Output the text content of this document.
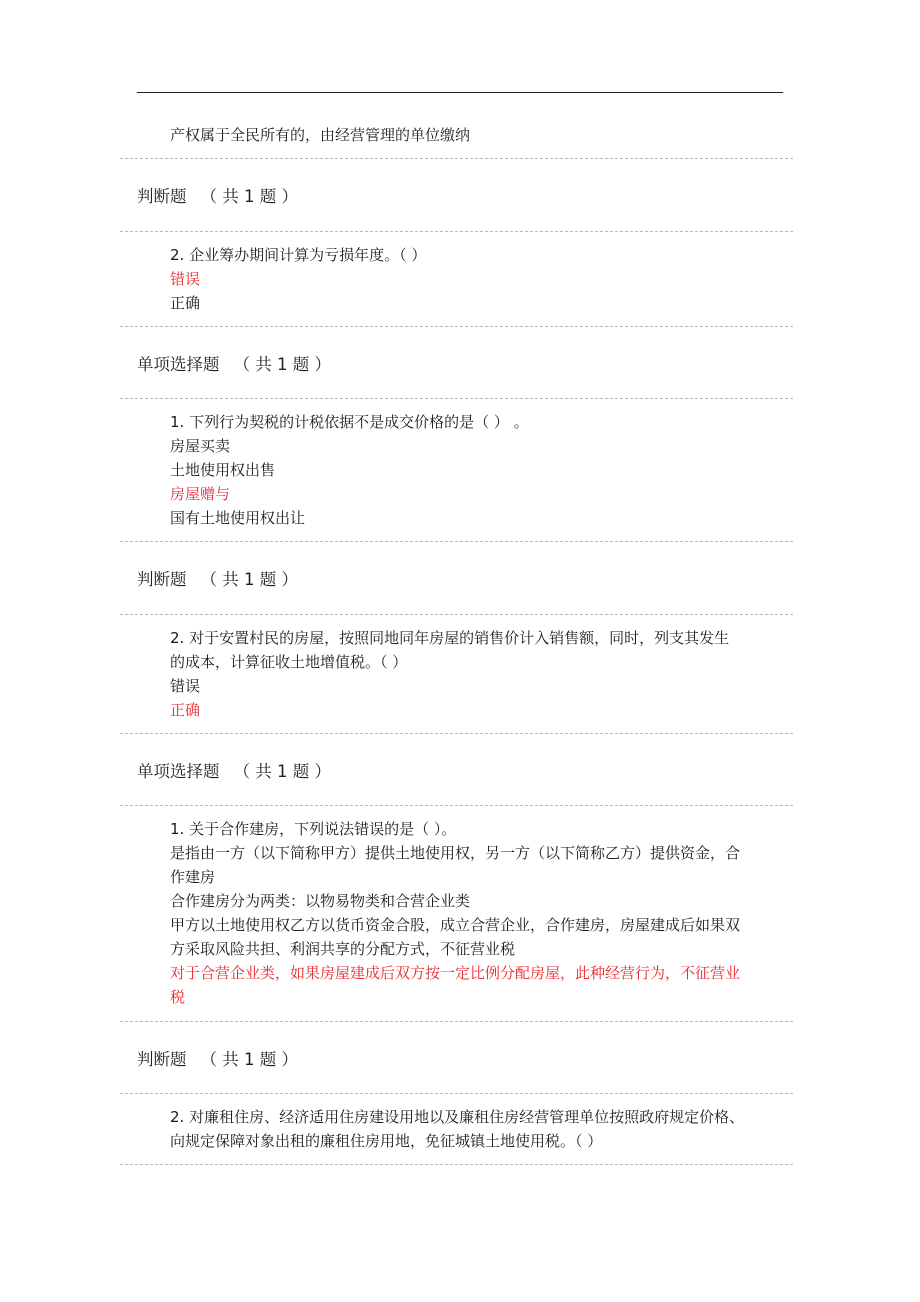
产权属于全民所有的，由经营管理的单位缴纳
判断题 （ 共 1 题 ）
2. 企业筹办期间计算为亏损年度。（ ）
错误
正确
单项选择题 （ 共 1 题 ）
1. 下列行为契税的计税依据不是成交价格的是（ ） 。
房屋买卖
土地使用权出售
房屋赠与
国有土地使用权出让
判断题 （ 共 1 题 ）
2. 对于安置村民的房屋，按照同地同年房屋的销售价计入销售额，同时，列支其发生
的成本，计算征收土地增值税。（ ）
错误
正确
单项选择题 （ 共 1 题 ）
1. 关于合作建房，下列说法错误的是（ ）。
是指由一方（以下简称甲方）提供土地使用权，另一方（以下简称乙方）提供资金，合
作建房
合作建房分为两类：以物易物类和合营企业类
甲方以土地使用权乙方以货币资金合股，成立合营企业，合作建房，房屋建成后如果双
方采取风险共担、利润共享的分配方式，不征营业税
对于合营企业类，如果房屋建成后双方按一定比例分配房屋，此种经营行为，不征营业
税
判断题 （ 共 1 题 ）
2. 对廉租住房、经济适用住房建设用地以及廉租住房经营管理单位按照政府规定价格、
向规定保障对象出租的廉租住房用地，免征城镇土地使用税。（ ）
